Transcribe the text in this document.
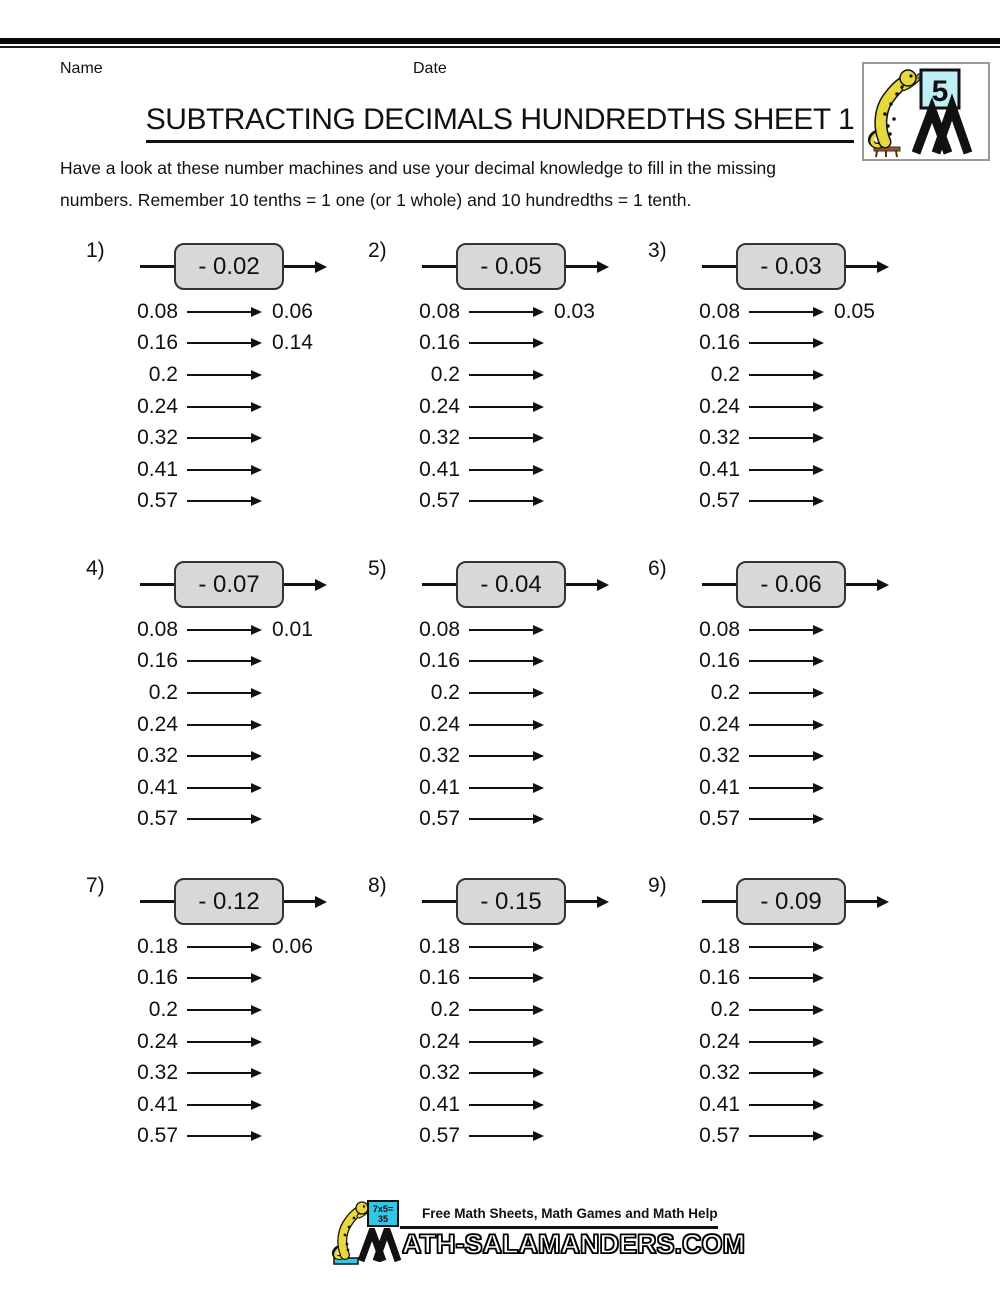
Name	Date
5
SUBTRACTING DECIMALS HUNDREDTHS SHEET 1
Have a look at these number machines and use your decimal knowledge to fill in the missing
numbers. Remember 10 tenths = 1 one (or 1 whole) and 10 hundredths = 1 tenth.
1)
- 0.02
0.08	0.06
0.16	0.14
0.2
0.24
0.32
0.41
0.57
2)
- 0.05
0.08	0.03
0.16
0.2
0.24
0.32
0.41
0.57
3)
- 0.03
0.08	0.05
0.16
0.2
0.24
0.32
0.41
0.57
4)
- 0.07
0.08	0.01
0.16
0.2
0.24
0.32
0.41
0.57
5)
- 0.04
0.08
0.16
0.2
0.24
0.32
0.41
0.57
6)
- 0.06
0.08
0.16
0.2
0.24
0.32
0.41
0.57
7)
- 0.12
0.18	0.06
0.16
0.2
0.24
0.32
0.41
0.57
8)
- 0.15
0.18
0.16
0.2
0.24
0.32
0.41
0.57
9)
- 0.09
0.18
0.16
0.2
0.24
0.32
0.41
0.57
7x5=
35	Free Math Sheets, Math Games and Math Help
ATH-SALAMANDERS.COM
